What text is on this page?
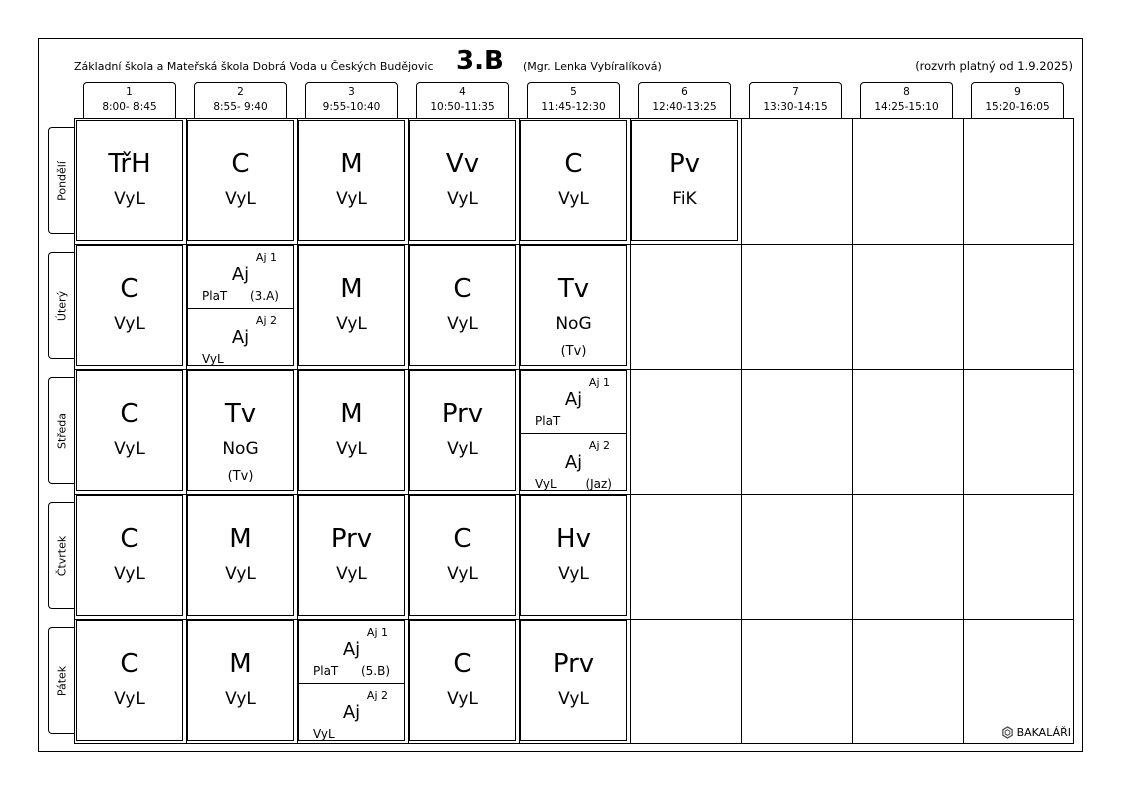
Základní škola a Mateřská škola Dobrá Voda u Českých Budějovic 3.B (Mgr. Lenka Vybíralíková)	(rozvrh platný od 1.9.2025)
1
8:00- 8:45
2
8:55- 9:40
3
9:55-10:40
4
10:50-11:35
5
11:45-12:30
6
12:40-13:25
7
13:30-14:15
8
14:25-15:10
9
15:20-16:05
Pondělí
Úterý
Středa
Čtvrtek
Pátek
TřH
VyL
C
VyL
M
VyL
Vv
VyL
C
VyL
Pv
FiK
C
VyL
Aj 1
Aj
PlaT (3.A)
Aj 2
Aj
VyL
M
VyL
C
VyL
Tv
NoG
(Tv)
C
VyL
Tv
NoG
(Tv)
M
VyL
Prv
VyL
Aj 1
Aj
PlaT
Aj 2
Aj
VyL (Jaz)
C
VyL
M
VyL
Prv
VyL
C
VyL
Hv
VyL
C
VyL
M
VyL
Aj 1
Aj
PlaT (5.B)
Aj 2
Aj
VyL
C
VyL
Prv
VyL
BAKALÁŘI
